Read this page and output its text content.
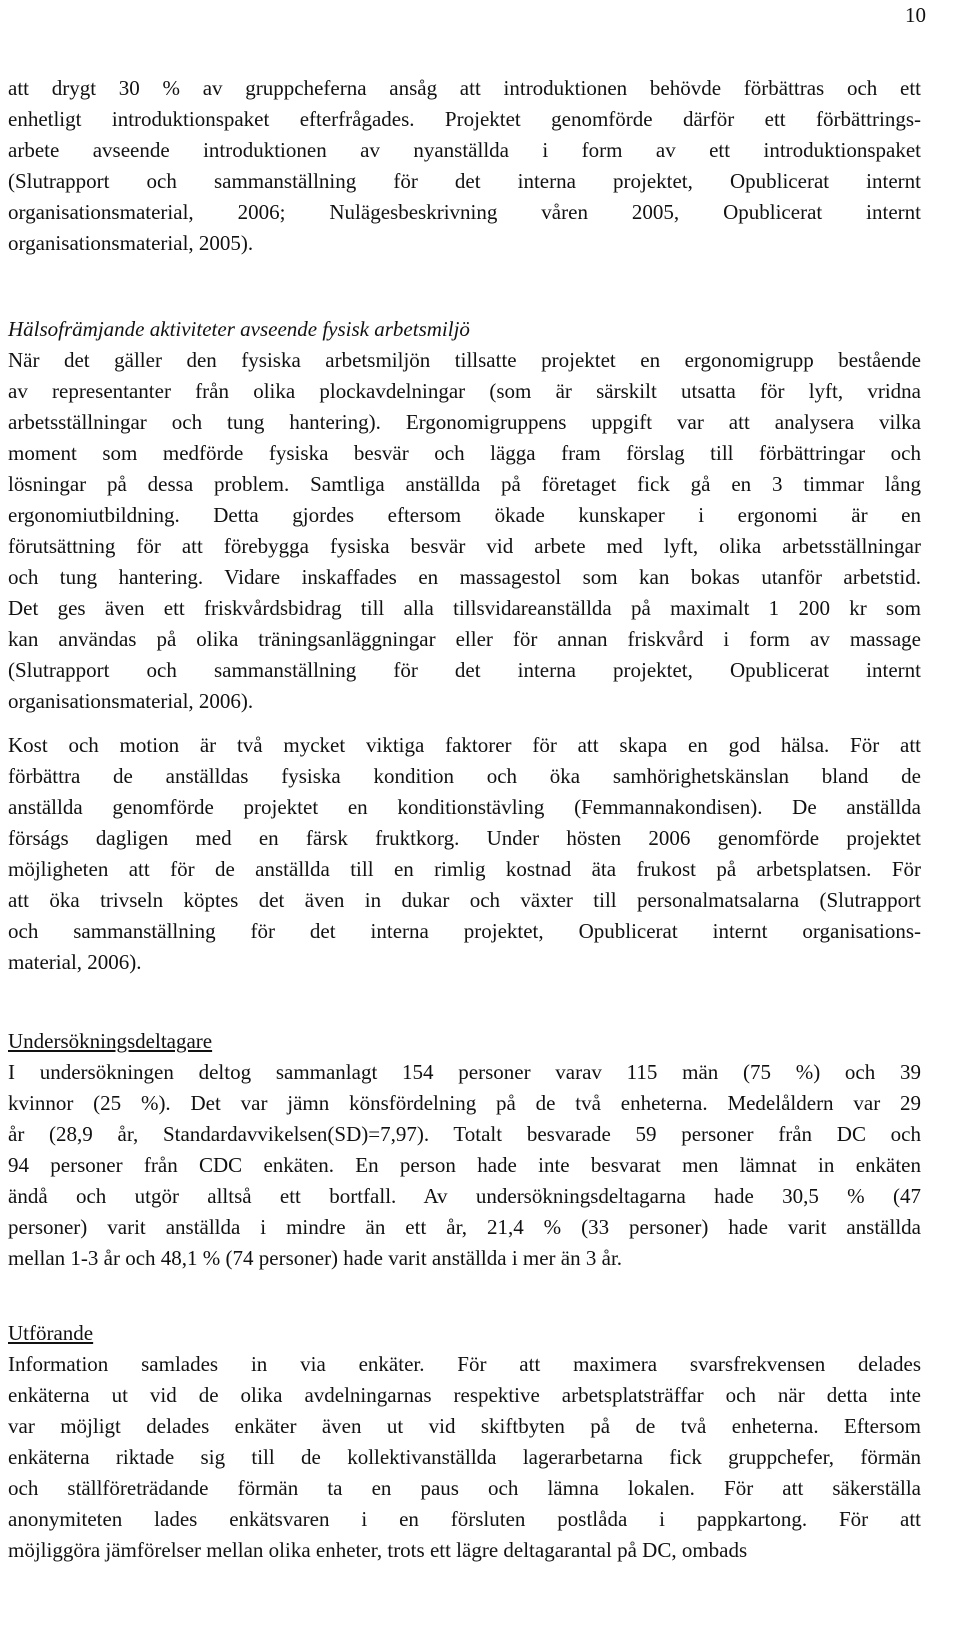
10
att drygt 30 % av gruppcheferna ansåg att introduktionen behövde förbättras och ett
enhetligt introduktionspaket efterfrågades. Projektet genomförde därför ett förbättrings-
arbete avseende introduktionen av nyanställda i form av ett introduktionspaket
(Slutrapport och sammanställning för det interna projektet, Opublicerat internt
organisationsmaterial, 2006; Nulägesbeskrivning våren 2005, Opublicerat internt
organisationsmaterial, 2005).
Hälsofrämjande aktiviteter avseende fysisk arbetsmiljö
När det gäller den fysiska arbetsmiljön tillsatte projektet en ergonomigrupp bestående
av representanter från olika plockavdelningar (som är särskilt utsatta för lyft, vridna
arbetsställningar och tung hantering). Ergonomigruppens uppgift var att analysera vilka
moment som medförde fysiska besvär och lägga fram förslag till förbättringar och
lösningar på dessa problem. Samtliga anställda på företaget fick gå en 3 timmar lång
ergonomiutbildning. Detta gjordes eftersom ökade kunskaper i ergonomi är en
förutsättning för att förebygga fysiska besvär vid arbete med lyft, olika arbetsställningar
och tung hantering. Vidare inskaffades en massagestol som kan bokas utanför arbetstid.
Det ges även ett friskvårdsbidrag till alla tillsvidareanställda på maximalt 1 200 kr som
kan användas på olika träningsanläggningar eller för annan friskvård i form av massage
(Slutrapport och sammanställning för det interna projektet, Opublicerat internt
organisationsmaterial, 2006).
Kost och motion är två mycket viktiga faktorer för att skapa en god hälsa. För att
förbättra de anställdas fysiska kondition och öka samhörighetskänslan bland de
anställda genomförde projektet en konditionstävling (Femmannakondisen). De anställda
förságs dagligen med en färsk fruktkorg. Under hösten 2006 genomförde projektet
möjligheten att för de anställda till en rimlig kostnad äta frukost på arbetsplatsen. För
att öka trivseln köptes det även in dukar och växter till personalmatsalarna (Slutrapport
och sammanställning för det interna projektet, Opublicerat internt organisations-
material, 2006).
Undersökningsdeltagare
I undersökningen deltog sammanlagt 154 personer varav 115 män (75 %) och 39
kvinnor (25 %). Det var jämn könsfördelning på de två enheterna. Medelåldern var 29
år (28,9 år, Standardavvikelsen(SD)=7,97). Totalt besvarade 59 personer från DC och
94 personer från CDC enkäten. En person hade inte besvarat men lämnat in enkäten
ändå och utgör alltså ett bortfall. Av undersökningsdeltagarna hade 30,5 % (47
personer) varit anställda i mindre än ett år, 21,4 % (33 personer) hade varit anställda
mellan 1-3 år och 48,1 % (74 personer) hade varit anställda i mer än 3 år.
Utförande
Information samlades in via enkäter. För att maximera svarsfrekvensen delades
enkäterna ut vid de olika avdelningarnas respektive arbetsplatsträffar och när detta inte
var möjligt delades enkäter även ut vid skiftbyten på de två enheterna. Eftersom
enkäterna riktade sig till de kollektivanställda lagerarbetarna fick gruppchefer, förmän
och ställföreträdande förmän ta en paus och lämna lokalen. För att säkerställa
anonymiteten lades enkätsvaren i en försluten postlåda i pappkartong. För att
möjliggöra jämförelser mellan olika enheter, trots ett lägre deltagarantal på DC, ombads
